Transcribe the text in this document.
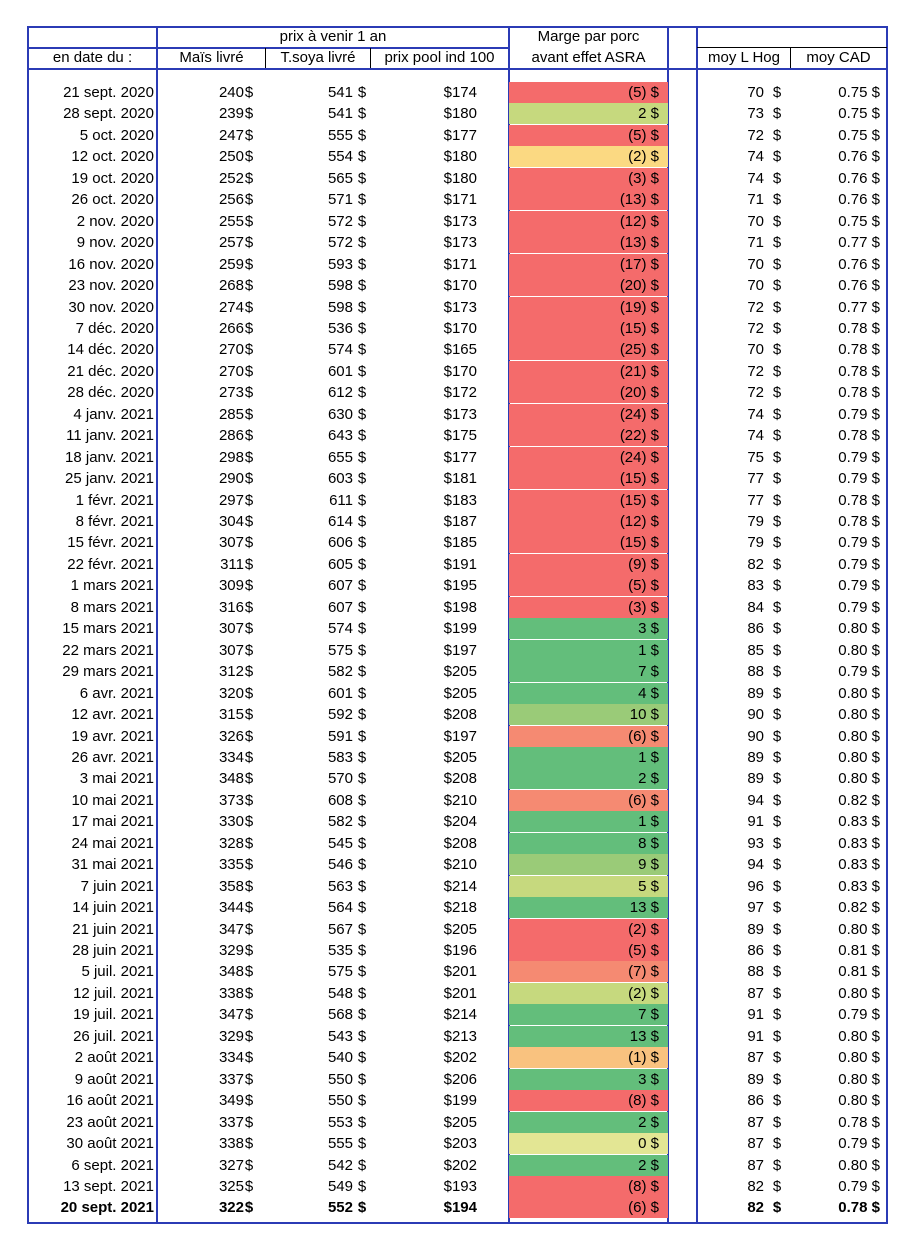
prix à venir 1 an	Marge par porc
avant effet ASRA
en date du :	Maïs livré	T.soya livré	prix pool ind 100	moy L Hog	moy CAD
21 sept. 2020	240 $	541 $	$174	(5) $	70 $	0.75 $
28 sept. 2020	239 $	541 $	$180	2 $	73 $	0.75 $
5 oct. 2020	247 $	555 $	$177	(5) $	72 $	0.75 $
12 oct. 2020	250 $	554 $	$180	(2) $	74 $	0.76 $
19 oct. 2020	252 $	565 $	$180	(3) $	74 $	0.76 $
26 oct. 2020	256 $	571 $	$171	(13) $	71 $	0.76 $
2 nov. 2020	255 $	572 $	$173	(12) $	70 $	0.75 $
9 nov. 2020	257 $	572 $	$173	(13) $	71 $	0.77 $
16 nov. 2020	259 $	593 $	$171	(17) $	70 $	0.76 $
23 nov. 2020	268 $	598 $	$170	(20) $	70 $	0.76 $
30 nov. 2020	274 $	598 $	$173	(19) $	72 $	0.77 $
7 déc. 2020	266 $	536 $	$170	(15) $	72 $	0.78 $
14 déc. 2020	270 $	574 $	$165	(25) $	70 $	0.78 $
21 déc. 2020	270 $	601 $	$170	(21) $	72 $	0.78 $
28 déc. 2020	273 $	612 $	$172	(20) $	72 $	0.78 $
4 janv. 2021	285 $	630 $	$173	(24) $	74 $	0.79 $
11 janv. 2021	286 $	643 $	$175	(22) $	74 $	0.78 $
18 janv. 2021	298 $	655 $	$177	(24) $	75 $	0.79 $
25 janv. 2021	290 $	603 $	$181	(15) $	77 $	0.79 $
1 févr. 2021	297 $	611 $	$183	(15) $	77 $	0.78 $
8 févr. 2021	304 $	614 $	$187	(12) $	79 $	0.78 $
15 févr. 2021	307 $	606 $	$185	(15) $	79 $	0.79 $
22 févr. 2021	311 $	605 $	$191	(9) $	82 $	0.79 $
1 mars 2021	309 $	607 $	$195	(5) $	83 $	0.79 $
8 mars 2021	316 $	607 $	$198	(3) $	84 $	0.79 $
15 mars 2021	307 $	574 $	$199	3 $	86 $	0.80 $
22 mars 2021	307 $	575 $	$197	1 $	85 $	0.80 $
29 mars 2021	312 $	582 $	$205	7 $	88 $	0.79 $
6 avr. 2021	320 $	601 $	$205	4 $	89 $	0.80 $
12 avr. 2021	315 $	592 $	$208	10 $	90 $	0.80 $
19 avr. 2021	326 $	591 $	$197	(6) $	90 $	0.80 $
26 avr. 2021	334 $	583 $	$205	1 $	89 $	0.80 $
3 mai 2021	348 $	570 $	$208	2 $	89 $	0.80 $
10 mai 2021	373 $	608 $	$210	(6) $	94 $	0.82 $
17 mai 2021	330 $	582 $	$204	1 $	91 $	0.83 $
24 mai 2021	328 $	545 $	$208	8 $	93 $	0.83 $
31 mai 2021	335 $	546 $	$210	9 $	94 $	0.83 $
7 juin 2021	358 $	563 $	$214	5 $	96 $	0.83 $
14 juin 2021	344 $	564 $	$218	13 $	97 $	0.82 $
21 juin 2021	347 $	567 $	$205	(2) $	89 $	0.80 $
28 juin 2021	329 $	535 $	$196	(5) $	86 $	0.81 $
5 juil. 2021	348 $	575 $	$201	(7) $	88 $	0.81 $
12 juil. 2021	338 $	548 $	$201	(2) $	87 $	0.80 $
19 juil. 2021	347 $	568 $	$214	7 $	91 $	0.79 $
26 juil. 2021	329 $	543 $	$213	13 $	91 $	0.80 $
2 août 2021	334 $	540 $	$202	(1) $	87 $	0.80 $
9 août 2021	337 $	550 $	$206	3 $	89 $	0.80 $
16 août 2021	349 $	550 $	$199	(8) $	86 $	0.80 $
23 août 2021	337 $	553 $	$205	2 $	87 $	0.78 $
30 août 2021	338 $	555 $	$203	0 $	87 $	0.79 $
6 sept. 2021	327 $	542 $	$202	2 $	87 $	0.80 $
13 sept. 2021	325 $	549 $	$193	(8) $	82 $	0.79 $
20 sept. 2021	322 $	552 $	$194	(6) $	82 $	0.78 $
